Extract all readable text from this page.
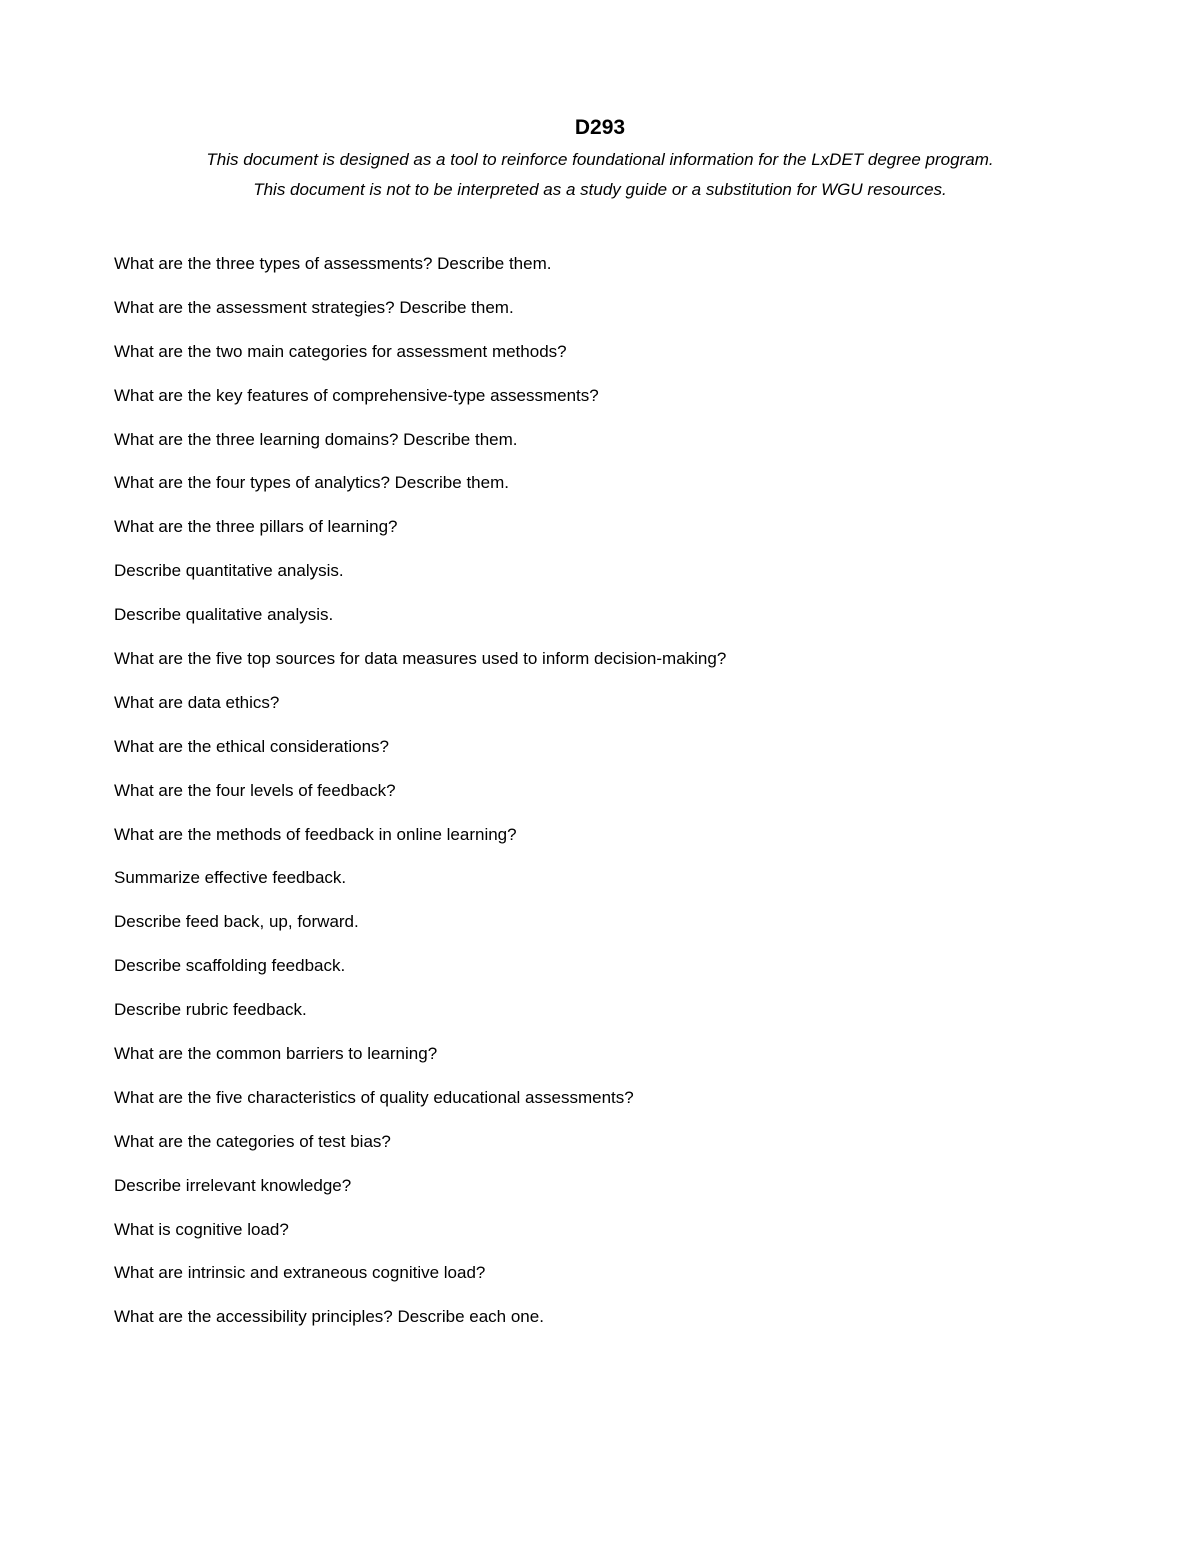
D293

This document is designed as a tool to reinforce foundational information for the LxDET degree program.

This document is not to be interpreted as a study guide or a substitution for WGU resources.

What are the three types of assessments? Describe them.
What are the assessment strategies? Describe them.
What are the two main categories for assessment methods?
What are the key features of comprehensive-type assessments?
What are the three learning domains? Describe them.
What are the four types of analytics? Describe them.
What are the three pillars of learning?
Describe quantitative analysis.
Describe qualitative analysis.
What are the five top sources for data measures used to inform decision-making?
What are data ethics?
What are the ethical considerations?
What are the four levels of feedback?
What are the methods of feedback in online learning?
Summarize effective feedback.
Describe feed back, up, forward.
Describe scaffolding feedback.
Describe rubric feedback.
What are the common barriers to learning?
What are the five characteristics of quality educational assessments?
What are the categories of test bias?
Describe irrelevant knowledge?
What is cognitive load?
What are intrinsic and extraneous cognitive load?
What are the accessibility principles? Describe each one.
